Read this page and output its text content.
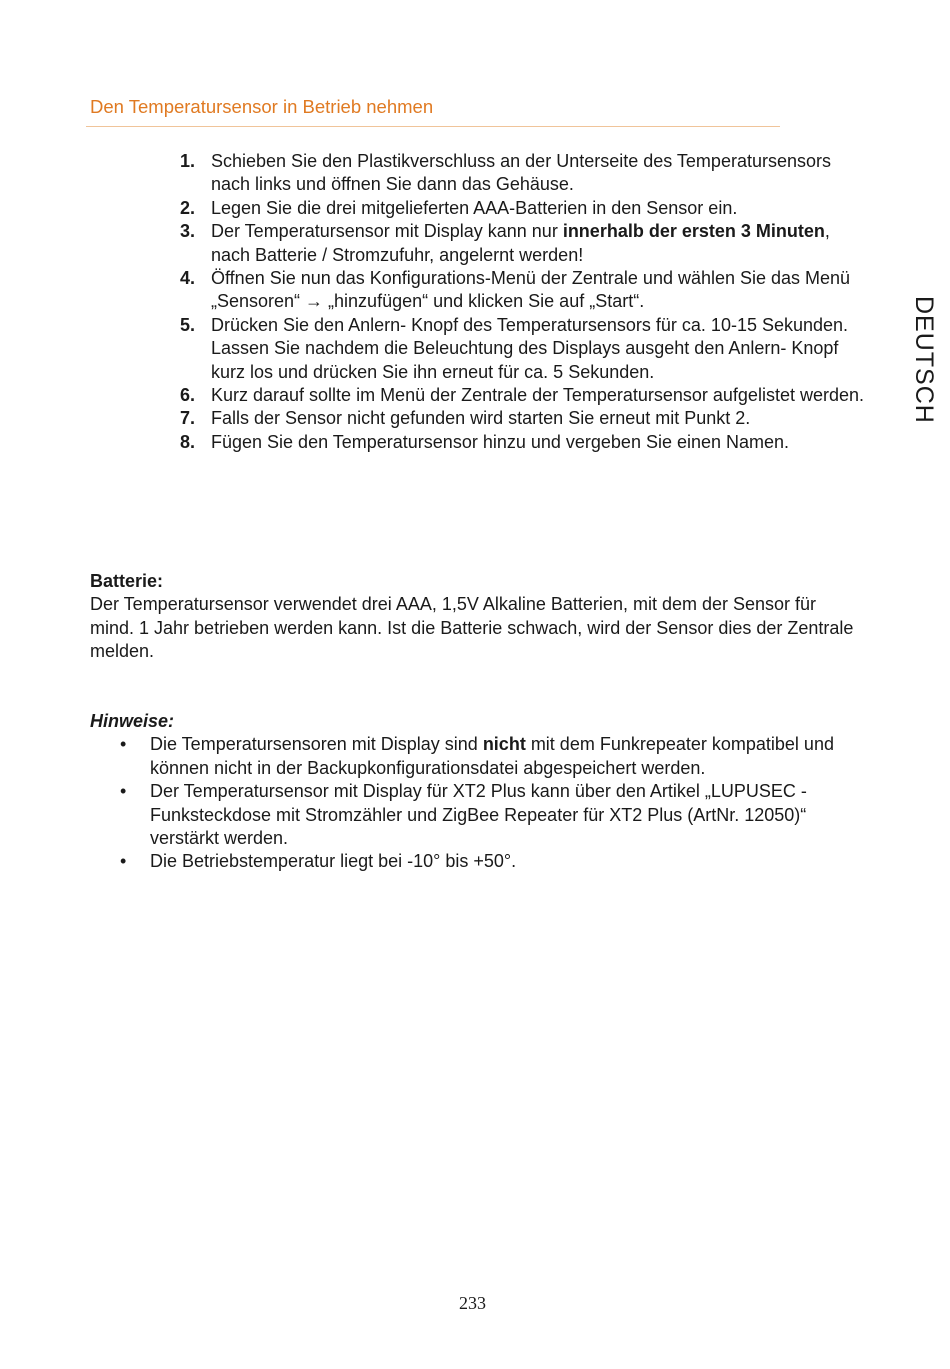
Den Temperatursensor in Betrieb nehmen
1. Schieben Sie den Plastikverschluss an der Unterseite des Temperatursensors nach links und öffnen Sie dann das Gehäuse.
2. Legen Sie die drei mitgelieferten AAA-Batterien in den Sensor ein.
3. Der Temperatursensor mit Display kann nur innerhalb der ersten 3 Minuten, nach Batterie / Stromzufuhr, angelernt werden!
4. Öffnen Sie nun das Konfigurations-Menü der Zentrale und wählen Sie das Menü „Sensoren“ → „hinzufügen“ und klicken Sie auf „Start“.
5. Drücken Sie den Anlern- Knopf des Temperatursensors für ca. 10-15 Sekunden. Lassen Sie nachdem die Beleuchtung des Displays ausgeht den Anlern- Knopf kurz los und drücken Sie ihn erneut für ca. 5 Sekunden.
6. Kurz darauf sollte im Menü der Zentrale der Temperatursensor aufgelistet werden.
7. Falls der Sensor nicht gefunden wird starten Sie erneut mit Punkt 2.
8. Fügen Sie den Temperatursensor hinzu und vergeben Sie einen Namen.
DEUTSCH
Batterie:

Der Temperatursensor verwendet drei AAA, 1,5V Alkaline Batterien, mit dem der Sensor für mind. 1 Jahr betrieben werden kann. Ist die Batterie schwach, wird der Sensor dies der Zentrale melden.

Hinweise:
•	Die Temperatursensoren mit Display sind nicht mit dem Funkrepeater kompatibel und können nicht in der Backupkonfigurationsdatei abgespeichert werden.
•	Der Temperatursensor mit Display für XT2 Plus kann über den Artikel „LUPUSEC - Funksteckdose mit Stromzähler und ZigBee Repeater für XT2 Plus (ArtNr. 12050)“ verstärkt werden.
•	Die Betriebstemperatur liegt bei -10° bis +50°.
233
